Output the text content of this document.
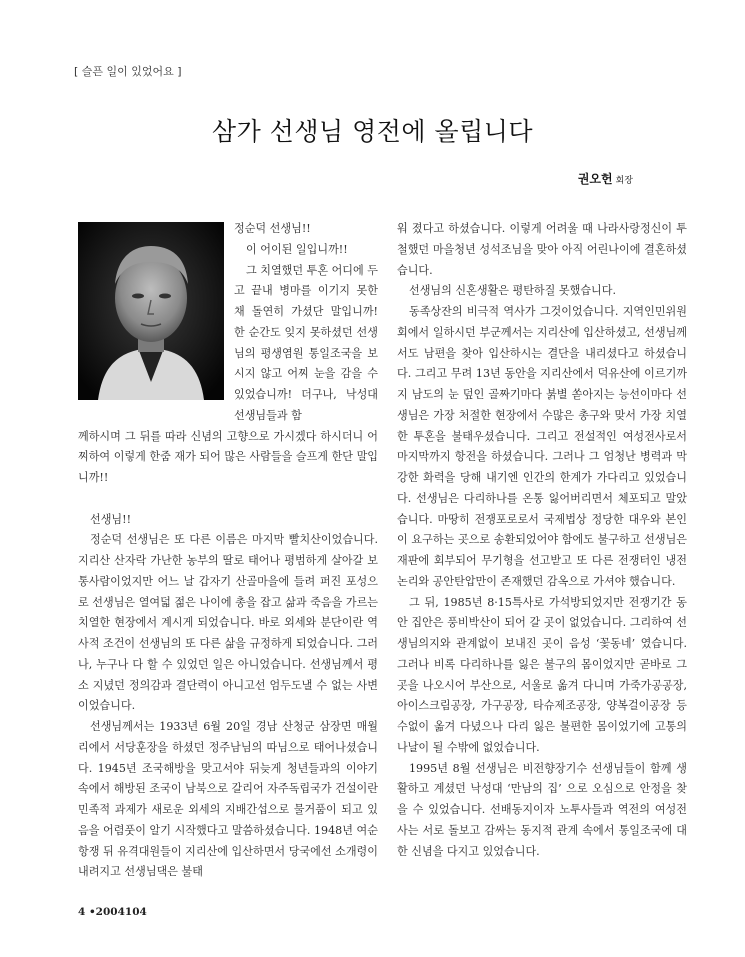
[ 슬픈 일이 있었어요 ]
삼가 선생님 영전에 올립니다
권오헌 회장

정순덕 선생님!!

이 어이된 일입니까!!

그 치열했던 투혼 어디에 두고 끝내 병마를 이기지 못한 채 돌연히 가셨단 말입니까! 한 순간도 잊지 못하셨던 선생님의 평생염원 통일조국을 보시지 않고 어찌 눈을 감을 수 있었습니까! 더구나, 낙성대 선생님들과 함

께하시며 그 뒤를 따라 신념의 고향으로 가시겠다 하시더니 어찌하여 이렇게 한줌 재가 되어 많은 사람들을 슬프게 한단 말입니까!!

선생님!!

정순덕 선생님은 또 다른 이름은 마지막 빨치산이었습니다. 지리산 산자락 가난한 농부의 딸로 태어나 평범하게 살아갈 보통사람이었지만 어느 날 갑자기 산골마을에 들려 퍼진 포성으로 선생님은 열여덟 젊은 나이에 총을 잡고 삶과 죽음을 가르는 치열한 현장에서 계시게 되었습니다. 바로 외세와 분단이란 역사적 조건이 선생님의 또 다른 삶을 규정하게 되었습니다. 그러나, 누구나 다 할 수 있었던 일은 아니었습니다. 선생님께서 평소 지녔던 정의감과 결단력이 아니고선 엄두도낼 수 없는 사변이었습니다.

선생님께서는 1933년 6월 20일 경남 산청군 삼장면 매월리에서 서당훈장을 하셨던 정주남님의 따님으로 태어나셨습니다. 1945년 조국해방을 맞고서야 뒤늦게 청년들과의 이야기 속에서 해방된 조국이 남북으로 갈리어 자주독립국가 건설이란 민족적 과제가 새로운 외세의 지배간섭으로 물거품이 되고 있음을 어렴풋이 알기 시작했다고 말씀하셨습니다. 1948년 여순 항쟁 뒤 유격대원들이 지리산에 입산하면서 당국에선 소개령이 내려지고 선생님댁은 불태

워 졌다고 하셨습니다. 이렇게 어려울 때 나라사랑정신이 투철했던 마을청년 성석조님을 맞아 아직 어린나이에 결혼하셨습니다.

선생님의 신혼생활은 평탄하질 못했습니다.

동족상잔의 비극적 역사가 그것이었습니다. 지역인민위원회에서 일하시던 부군께서는 지리산에 입산하셨고, 선생님께서도 남편을 찾아 입산하시는 결단을 내리셨다고 하셨습니다. 그리고 무려 13년 동안을 지리산에서 덕유산에 이르기까지 남도의 눈 덮인 골짜기마다 붉별 쏟아지는 능선이마다 선생님은 가장 처절한 현장에서 수많은 총구와 맞서 가장 치열한 투혼을 불태우셨습니다. 그리고 전설적인 여성전사로서 마지막까지 항전을 하셨습니다. 그러나 그 엄청난 병력과 막강한 화력을 당해 내기엔 인간의 한계가 가다리고 있었습니다. 선생님은 다리하나를 온통 잃어버리면서 체포되고 말았습니다. 마땅히 전쟁포로로서 국제법상 정당한 대우와 본인이 요구하는 곳으로 송환되었어야 함에도 불구하고 선생님은 재판에 회부되어 무기형을 선고받고 또 다른 전쟁터인 냉전논리와 공안탄압만이 존재했던 감옥으로 가셔야 했습니다.

그 뒤, 1985년 8·15특사로 가석방되었지만 전쟁기간 동안 집안은 풍비박산이 되어 갈 곳이 없었습니다. 그리하여 선생님의지와 관계없이 보내진 곳이 음성 ‘꽃동네’ 였습니다. 그러나 비록 다리하나를 잃은 불구의 몸이었지만 곧바로 그곳을 나오시어 부산으로, 서울로 옮겨 다니며 가죽가공공장, 아이스크림공장, 가구공장, 타슈제조공장, 양복걸이공장 등 수없이 옮겨 다녔으나 다리 잃은 불편한 몸이었기에 고통의 나날이 될 수밖에 없었습니다.

1995년 8월 선생님은 비전향장기수 선생님들이 함께 생활하고 계셨던 낙성대 ‘만남의 집’ 으로 오심으로 안정을 찾을 수 있었습니다. 선배동지이자 노투사들과 역전의 여성전사는 서로 돌보고 감싸는 동지적 관계 속에서 통일조국에 대한 신념을 다지고 있었습니다.

4 •2004104
